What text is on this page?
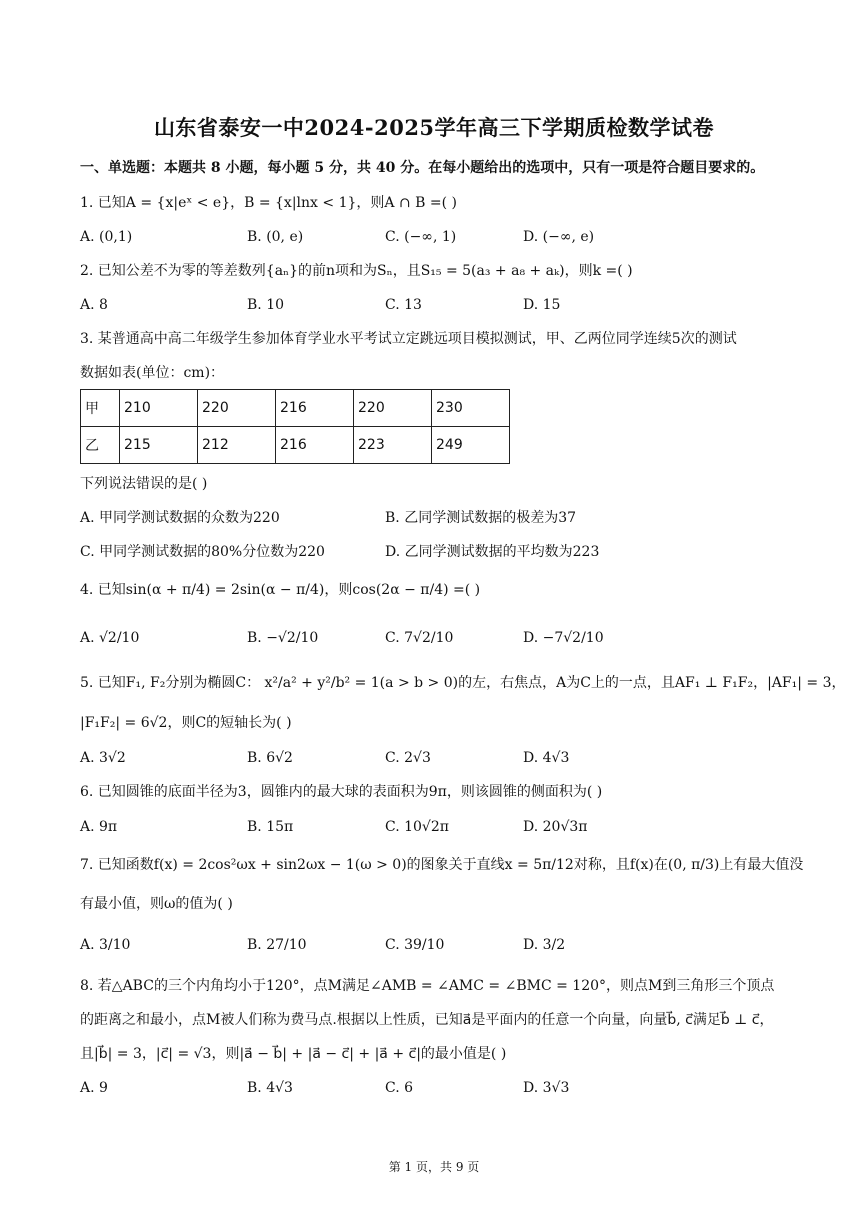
山东省泰安一中2024-2025学年高三下学期质检数学试卷
一、单选题：本题共 8 小题，每小题 5 分，共 40 分。在每小题给出的选项中，只有一项是符合题目要求的。
1. 已知A = {x|eˣ < e}，B = {x|lnx < 1}，则A ∩ B =( )
A. (0,1)	B. (0, e)	C. (−∞, 1)	D. (−∞, e)
2. 已知公差不为零的等差数列{aₙ}的前n项和为Sₙ，且S₁₅ = 5(a₃ + a₈ + aₖ)，则k =( )
A. 8	B. 10	C. 13	D. 15
3. 某普通高中高二年级学生参加体育学业水平考试立定跳远项目模拟测试，甲、乙两位同学连续5次的测试
数据如表(单位：cm)：
甲	210	220	216	220	230
乙	215	212	216	223	249
下列说法错误的是( )
A. 甲同学测试数据的众数为220	B. 乙同学测试数据的极差为37
C. 甲同学测试数据的80%分位数为220	D. 乙同学测试数据的平均数为223
4. 已知sin(α + π/4) = 2sin(α − π/4)，则cos(2α − π/4) =( )
A. √2/10	B. −√2/10	C. 7√2/10	D. −7√2/10
5. 已知F₁, F₂分别为椭圆C： x²/a² + y²/b² = 1(a > b > 0)的左，右焦点，A为C上的一点，且AF₁ ⊥ F₁F₂，|AF₁| = 3，
|F₁F₂| = 6√2，则C的短轴长为( )
A. 3√2	B. 6√2	C. 2√3	D. 4√3
6. 已知圆锥的底面半径为3，圆锥内的最大球的表面积为9π，则该圆锥的侧面积为( )
A. 9π	B. 15π	C. 10√2π	D. 20√3π
7. 已知函数f(x) = 2cos²ωx + sin2ωx − 1(ω > 0)的图象关于直线x = 5π/12对称，且f(x)在(0, π/3)上有最大值没
有最小值，则ω的值为( )
A. 3/10	B. 27/10	C. 39/10	D. 3/2
8. 若△ABC的三个内角均小于120°，点M满足∠AMB = ∠AMC = ∠BMC = 120°，则点M到三角形三个顶点
的距离之和最小，点M被人们称为费马点.根据以上性质，已知a⃗是平面内的任意一个向量，向量b⃗, c⃗满足b⃗ ⊥ c⃗，
且|b⃗| = 3，|c⃗| = √3，则|a⃗ − b⃗| + |a⃗ − c⃗| + |a⃗ + c⃗|的最小值是( )
A. 9	B. 4√3	C. 6	D. 3√3
第 1 页，共 9 页
